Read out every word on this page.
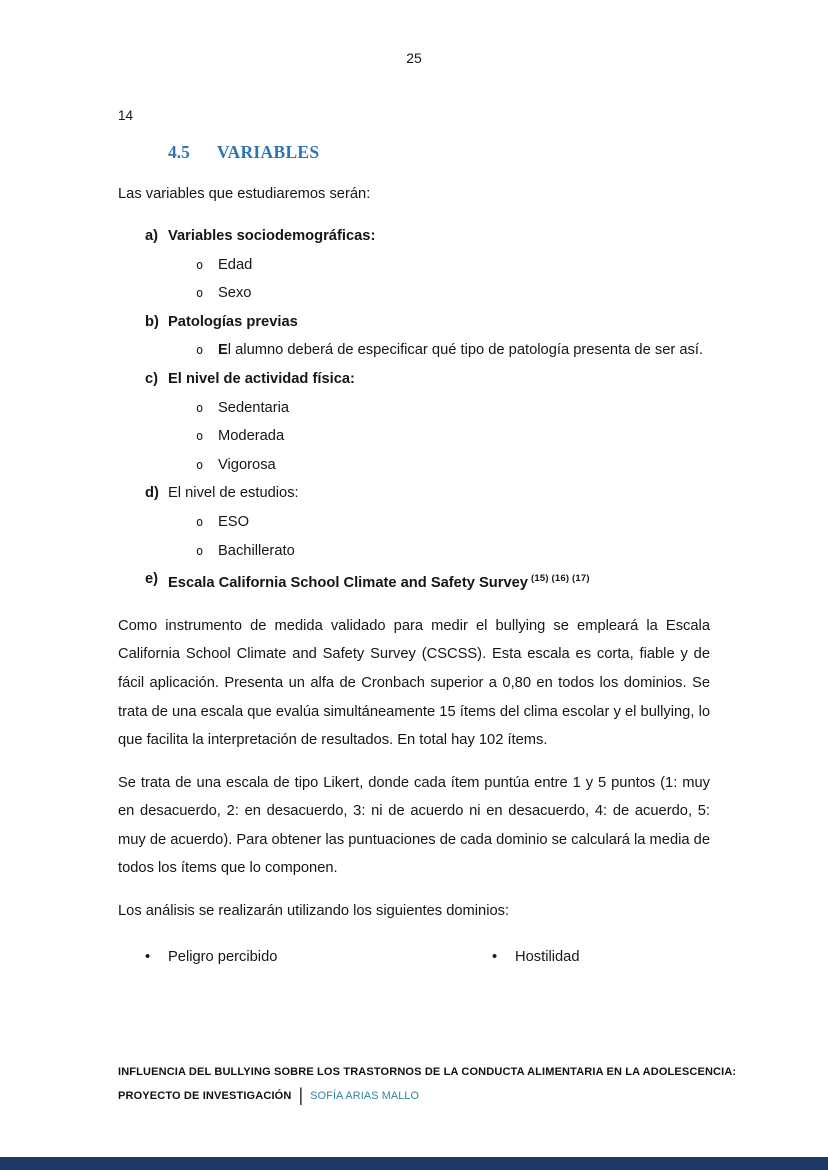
25
14
4.5 VARIABLES
Las variables que estudiaremos serán:
a) Variables sociodemográficas:
o	Edad
o	Sexo
b) Patologías previas
o	El alumno deberá de especificar qué tipo de patología presenta de ser así.
c) El nivel de actividad física:
o	Sedentaria
o	Moderada
o	Vigorosa
d) El nivel de estudios:
o	ESO
o	Bachillerato
e) Escala California School Climate and Safety Survey $^{(15) (16) (17)}$

Como instrumento de medida validado para medir el bullying se empleará la Escala California School Climate and Safety Survey (CSCSS). Esta escala es corta, fiable y de fácil aplicación. Presenta un alfa de Cronbach superior a 0,80 en todos los dominios. Se trata de una escala que evalúa simultáneamente 15 ítems del clima escolar y el bullying, lo que facilita la interpretación de resultados. En total hay 102 ítems.

Se trata de una escala de tipo Likert, donde cada ítem puntúa entre 1 y 5 puntos (1: muy en desacuerdo, 2: en desacuerdo, 3: ni de acuerdo ni en desacuerdo, 4: de acuerdo, 5: muy de acuerdo). Para obtener las puntuaciones de cada dominio se calculará la media de todos los ítems que lo componen.

Los análisis se realizarán utilizando los siguientes dominios:

•	Peligro percibido	•	Hostilidad
INFLUENCIA DEL BULLYING SOBRE LOS TRASTORNOS DE LA CONDUCTA ALIMENTARIA EN LA ADOLESCENCIA:
PROYECTO DE INVESTIGACIÓN | SOFÍA ARIAS MALLO
